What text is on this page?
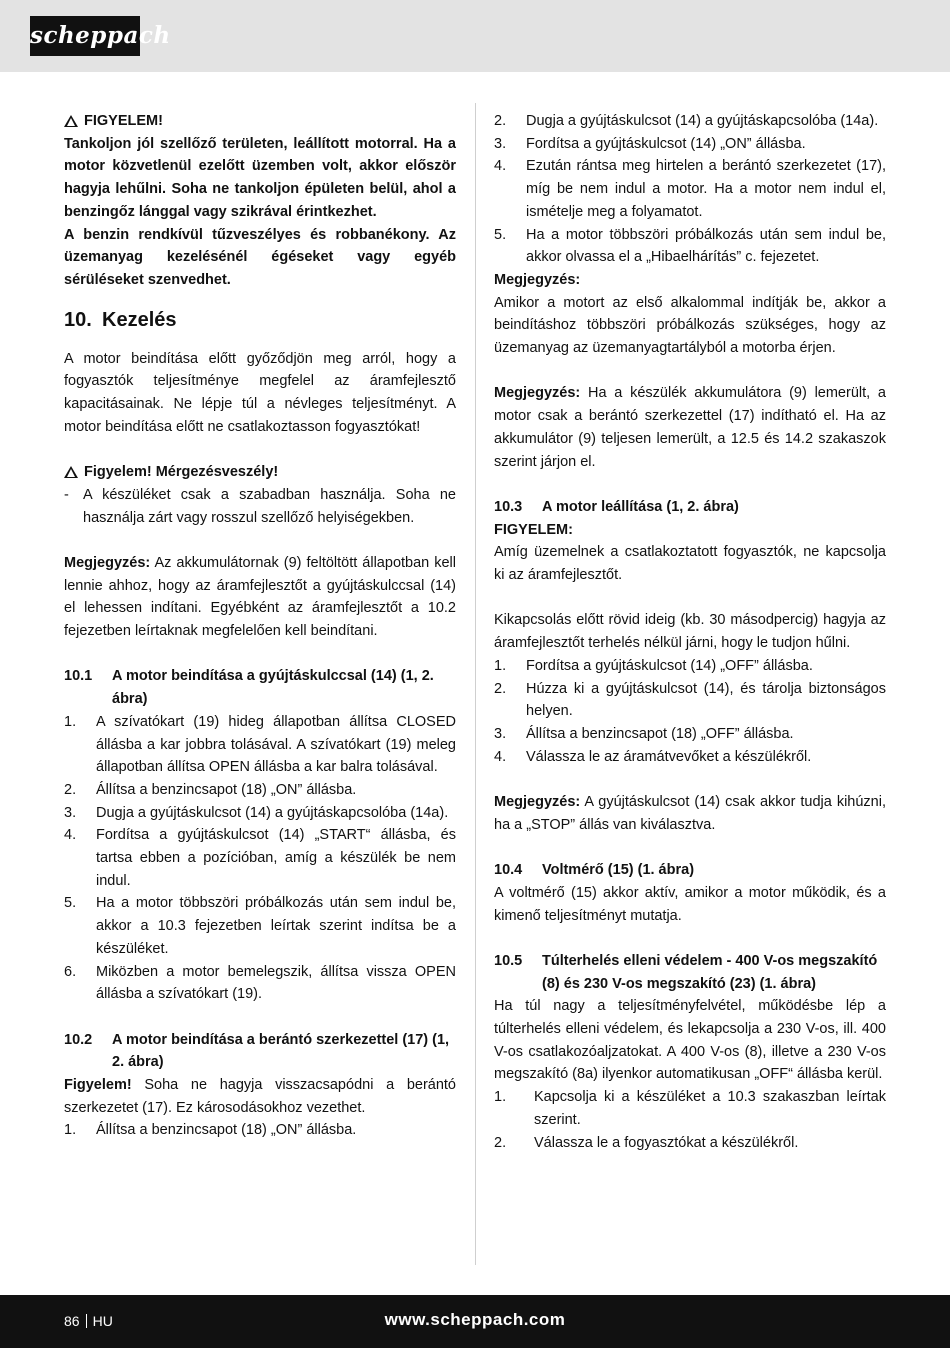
scheppach
FIGYELEM!
Tankoljon jól szellőző területen, leállított motorral. Ha a motor közvetlenül ezelőtt üzemben volt, akkor először hagyja lehűlni. Soha ne tankoljon épületen belül, ahol a benzingőz lánggal vagy szikrával érintkezhet.
A benzin rendkívül tűzveszélyes és robbanékony. Az üzemanyag kezelésénél égéseket vagy egyéb sérüléseket szenvedhet.
10. Kezelés
A motor beindítása előtt győződjön meg arról, hogy a fogyasztók teljesítménye megfelel az áramfejlesztő kapacitásainak. Ne lépje túl a névleges teljesítményt. A motor beindítása előtt ne csatlakoztasson fogyasztókat!
Figyelem! Mérgezésveszély!
- A készüléket csak a szabadban használja. Soha ne használja zárt vagy rosszul szellőző helyiségekben.
Megjegyzés: Az akkumulátornak (9) feltöltött állapotban kell lennie ahhoz, hogy az áramfejlesztőt a gyújtáskulccsal (14) el lehessen indítani. Egyébként az áramfejlesztőt a 10.2 fejezetben leírtaknak megfelelően kell beindítani.
10.1	A motor beindítása a gyújtáskulccsal (14) (1, 2. ábra)
1.	A szívatókart (19) hideg állapotban állítsa CLOSED állásba a kar jobbra tolásával. A szívatókart (19) meleg állapotban állítsa OPEN állásba a kar balra tolásával.
2.	Állítsa a benzincsapot (18) „ON” állásba.
3.	Dugja a gyújtáskulcsot (14) a gyújtáskapcsolóba (14a).
4.	Fordítsa a gyújtáskulcsot (14) „START“ állásba, és tartsa ebben a pozícióban, amíg a készülék be nem indul.
5.	Ha a motor többszöri próbálkozás után sem indul be, akkor a 10.3 fejezetben leírtak szerint indítsa be a készüléket.
6.	Miközben a motor bemelegszik, állítsa vissza OPEN állásba a szívatókart (19).
10.2	A motor beindítása a berántó szerkezettel (17) (1, 2. ábra)
Figyelem! Soha ne hagyja visszacsapódni a berántó szerkezetet (17). Ez károsodásokhoz vezethet.
1.	Állítsa a benzincsapot (18) „ON” állásba.
2.	Dugja a gyújtáskulcsot (14) a gyújtáskapcsolóba (14a).
3.	Fordítsa a gyújtáskulcsot (14) „ON” állásba.
4.	Ezután rántsa meg hirtelen a berántó szerkezetet (17), míg be nem indul a motor. Ha a motor nem indul el, ismételje meg a folyamatot.
5.	Ha a motor többszöri próbálkozás után sem indul be, akkor olvassa el a „Hibaelhárítás” c. fejezetet.
Megjegyzés:
Amikor a motort az első alkalommal indítják be, akkor a beindításhoz többszöri próbálkozás szükséges, hogy az üzemanyag az üzemanyagtartályból a motorba érjen.
Megjegyzés: Ha a készülék akkumulátora (9) lemerült, a motor csak a berántó szerkezettel (17) indítható el. Ha az akkumulátor (9) teljesen lemerült, a 12.5 és 14.2 szakaszok szerint járjon el.
10.3	A motor leállítása (1, 2. ábra)
FIGYELEM:
Amíg üzemelnek a csatlakoztatott fogyasztók, ne kapcsolja ki az áramfejlesztőt.
Kikapcsolás előtt rövid ideig (kb. 30 másodpercig) hagyja az áramfejlesztőt terhelés nélkül járni, hogy le tudjon hűlni.
1.	Fordítsa a gyújtáskulcsot (14) „OFF” állásba.
2.	Húzza ki a gyújtáskulcsot (14), és tárolja biztonságos helyen.
3.	Állítsa a benzincsapot (18) „OFF” állásba.
4.	Válassza le az áramátvevőket a készülékről.
Megjegyzés: A gyújtáskulcsot (14) csak akkor tudja kihúzni, ha a „STOP” állás van kiválasztva.
10.4	Voltmérő (15) (1. ábra)
A voltmérő (15) akkor aktív, amikor a motor működik, és a kimenő teljesítményt mutatja.
10.5	Túlterhelés elleni védelem - 400 V-os megszakító (8) és 230 V-os megszakító (23) (1. ábra)
Ha túl nagy a teljesítményfelvétel, működésbe lép a túlterhelés elleni védelem, és lekapcsolja a 230 V-os, ill. 400 V-os csatlakozóaljzatokat. A 400 V-os (8), illetve a 230 V-os megszakító (8a) ilyenkor automatikusan „OFF“ állásba kerül.
1.	Kapcsolja ki a készüléket a 10.3 szakaszban leírtak szerint.
2.	Válassza le a fogyasztókat a készülékről.
86 HU	www.scheppach.com
